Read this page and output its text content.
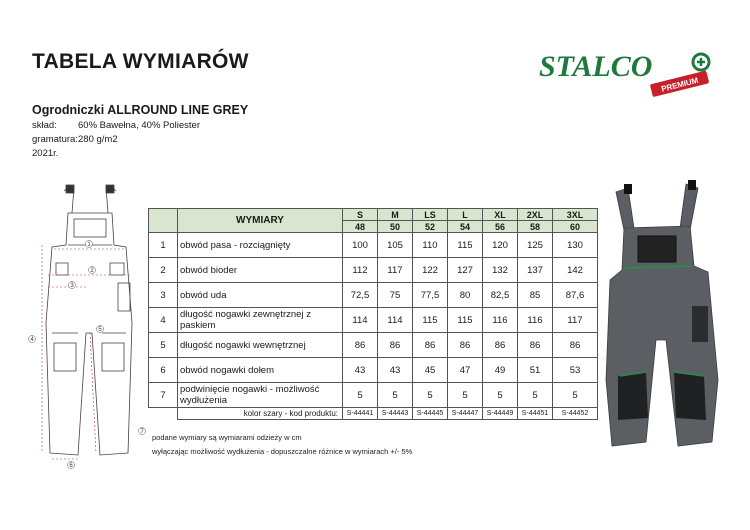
TABELA WYMIARÓW	STALCO
PREMIUM
Ogrodniczki ALLROUND LINE GREY
skład: 60% Bawełna, 40% Poliester
gramatura:280 g/m2
2021r.
1
2
3
4
5
6
7
	WYMIARY	S	M	LS	L	XL	2XL	3XL
		48	50	52	54	56	58	60
1	obwód pasa - rozciągnięty	100	105	110	115	120	125	130
2	obwód bioder	112	117	122	127	132	137	142
3	obwód uda	72,5	75	77,5	80	82,5	85	87,6
4	długość nogawki zewnętrznej z paskiem	114	114	115	115	116	116	117
5	długość nogawki wewnętrznej	86	86	86	86	86	86	86
6	obwód nogawki dołem	43	43	45	47	49	51	53
7	podwinięcie nogawki - możliwość wydłużenia	5	5	5	5	5	5	5
	kolor szary - kod produktu:	S-44441	S-44443	S-44445	S-44447	S-44449	S-44451	S-44452
podane wymiary są wymiarami odzieży w cm
wyłączając możliwość wydłużenia - dopuszczalne różnice w wymiarach +/- 5%
